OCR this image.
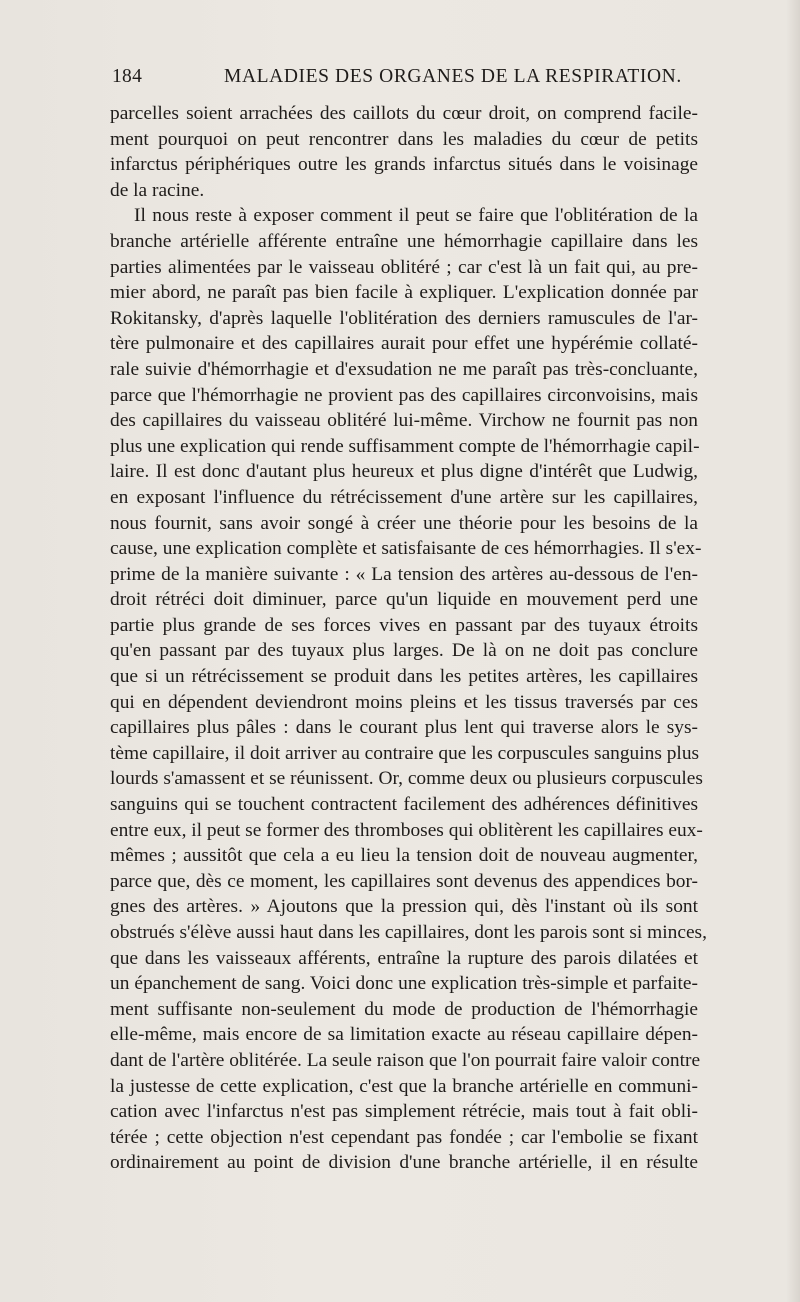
184	MALADIES DES ORGANES DE LA RESPIRATION.
parcelles soient arrachées des caillots du cœur droit, on comprend facile-
ment pourquoi on peut rencontrer dans les maladies du cœur de petits
infarctus périphériques outre les grands infarctus situés dans le voisinage
de la racine.
Il nous reste à exposer comment il peut se faire que l'oblitération de la
branche artérielle afférente entraîne une hémorrhagie capillaire dans les
parties alimentées par le vaisseau oblitéré ; car c'est là un fait qui, au pre-
mier abord, ne paraît pas bien facile à expliquer. L'explication donnée par
Rokitansky, d'après laquelle l'oblitération des derniers ramuscules de l'ar-
tère pulmonaire et des capillaires aurait pour effet une hypérémie collaté-
rale suivie d'hémorrhagie et d'exsudation ne me paraît pas très-concluante,
parce que l'hémorrhagie ne provient pas des capillaires circonvoisins, mais
des capillaires du vaisseau oblitéré lui-même. Virchow ne fournit pas non
plus une explication qui rende suffisamment compte de l'hémorrhagie capil-
laire. Il est donc d'autant plus heureux et plus digne d'intérêt que Ludwig,
en exposant l'influence du rétrécissement d'une artère sur les capillaires,
nous fournit, sans avoir songé à créer une théorie pour les besoins de la
cause, une explication complète et satisfaisante de ces hémorrhagies. Il s'ex-
prime de la manière suivante : « La tension des artères au-dessous de l'en-
droit rétréci doit diminuer, parce qu'un liquide en mouvement perd une
partie plus grande de ses forces vives en passant par des tuyaux étroits
qu'en passant par des tuyaux plus larges. De là on ne doit pas conclure
que si un rétrécissement se produit dans les petites artères, les capillaires
qui en dépendent deviendront moins pleins et les tissus traversés par ces
capillaires plus pâles : dans le courant plus lent qui traverse alors le sys-
tème capillaire, il doit arriver au contraire que les corpuscules sanguins plus
lourds s'amassent et se réunissent. Or, comme deux ou plusieurs corpuscules
sanguins qui se touchent contractent facilement des adhérences définitives
entre eux, il peut se former des thromboses qui oblitèrent les capillaires eux-
mêmes ; aussitôt que cela a eu lieu la tension doit de nouveau augmenter,
parce que, dès ce moment, les capillaires sont devenus des appendices bor-
gnes des artères. » Ajoutons que la pression qui, dès l'instant où ils sont
obstrués s'élève aussi haut dans les capillaires, dont les parois sont si minces,
que dans les vaisseaux afférents, entraîne la rupture des parois dilatées et
un épanchement de sang. Voici donc une explication très-simple et parfaite-
ment suffisante non-seulement du mode de production de l'hémorrhagie
elle-même, mais encore de sa limitation exacte au réseau capillaire dépen-
dant de l'artère oblitérée. La seule raison que l'on pourrait faire valoir contre
la justesse de cette explication, c'est que la branche artérielle en communi-
cation avec l'infarctus n'est pas simplement rétrécie, mais tout à fait obli-
térée ; cette objection n'est cependant pas fondée ; car l'embolie se fixant
ordinairement au point de division d'une branche artérielle, il en résulte
